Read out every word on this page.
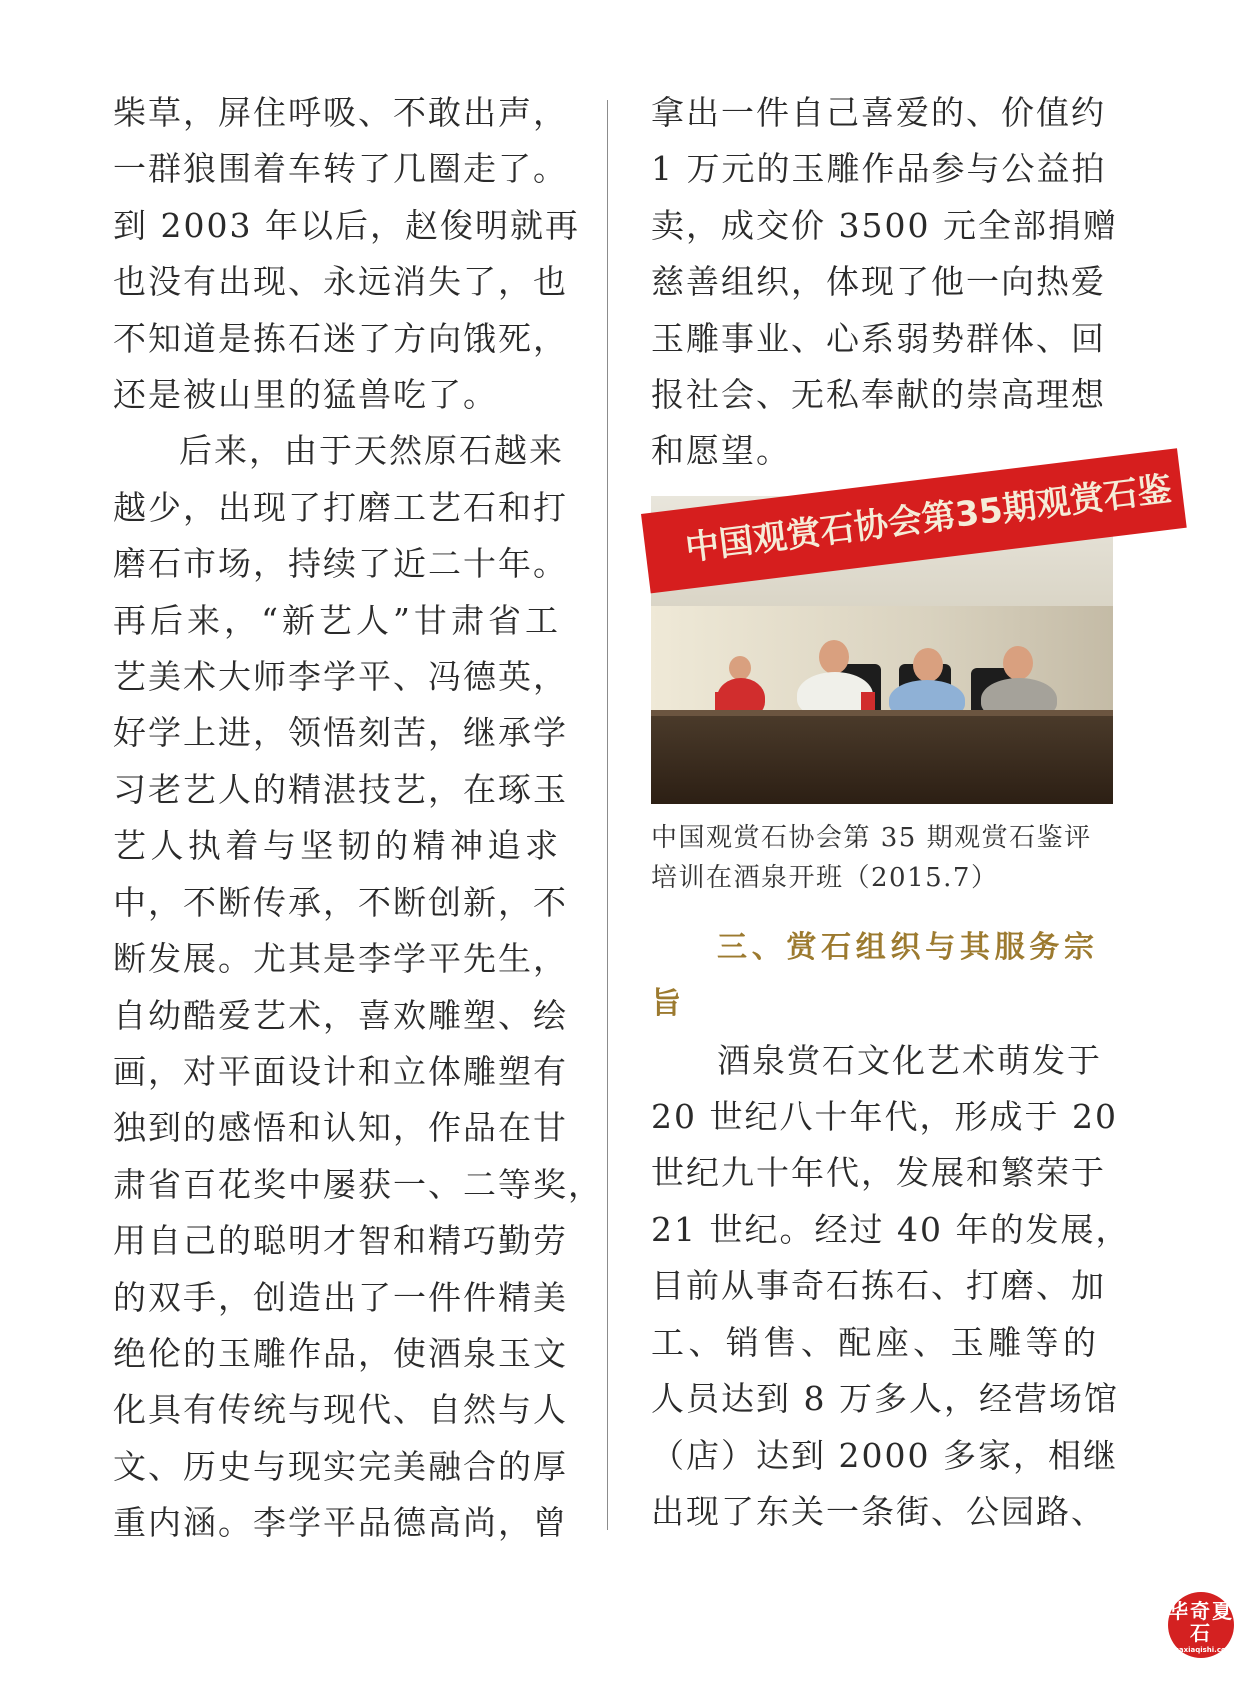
柴草，屏住呼吸、不敢出声，

一群狼围着车转了几圈走了。

到 2003 年以后，赵俊明就再

也没有出现、永远消失了，也

不知道是拣石迷了方向饿死，

还是被山里的猛兽吃了。

后来，由于天然原石越来

越少，出现了打磨工艺石和打

磨石市场，持续了近二十年。

再后来，“新艺人”甘肃省工

艺美术大师李学平、冯德英，

好学上进，领悟刻苦，继承学

习老艺人的精湛技艺，在琢玉

艺人执着与坚韧的精神追求

中，不断传承，不断创新，不

断发展。尤其是李学平先生，

自幼酷爱艺术，喜欢雕塑、绘

画，对平面设计和立体雕塑有

独到的感悟和认知，作品在甘

肃省百花奖中屡获一、二等奖，

用自己的聪明才智和精巧勤劳

的双手，创造出了一件件精美

绝伦的玉雕作品，使酒泉玉文

化具有传统与现代、自然与人

文、历史与现实完美融合的厚

重内涵。李学平品德高尚，曾

拿出一件自己喜爱的、价值约

1 万元的玉雕作品参与公益拍

卖，成交价 3500 元全部捐赠

慈善组织，体现了他一向热爱

玉雕事业、心系弱势群体、回

报社会、无私奉献的崇高理想

和愿望。

中国观赏石协会第35期观赏石鉴
中国观赏石协会第 35 期观赏石鉴评
培训在酒泉开班（2015.7）

三、赏石组织与其服务宗

旨

酒泉赏石文化艺术萌发于

20 世纪八十年代，形成于 20

世纪九十年代，发展和繁荣于

21 世纪。经过 40 年的发展，

目前从事奇石拣石、打磨、加

工、销售、配座、玉雕等的

人员达到 8 万多人，经营场馆

（店）达到 2000 多家，相继

出现了东关一条街、公园路、

华奇夏石
huaxiaqishi.com
